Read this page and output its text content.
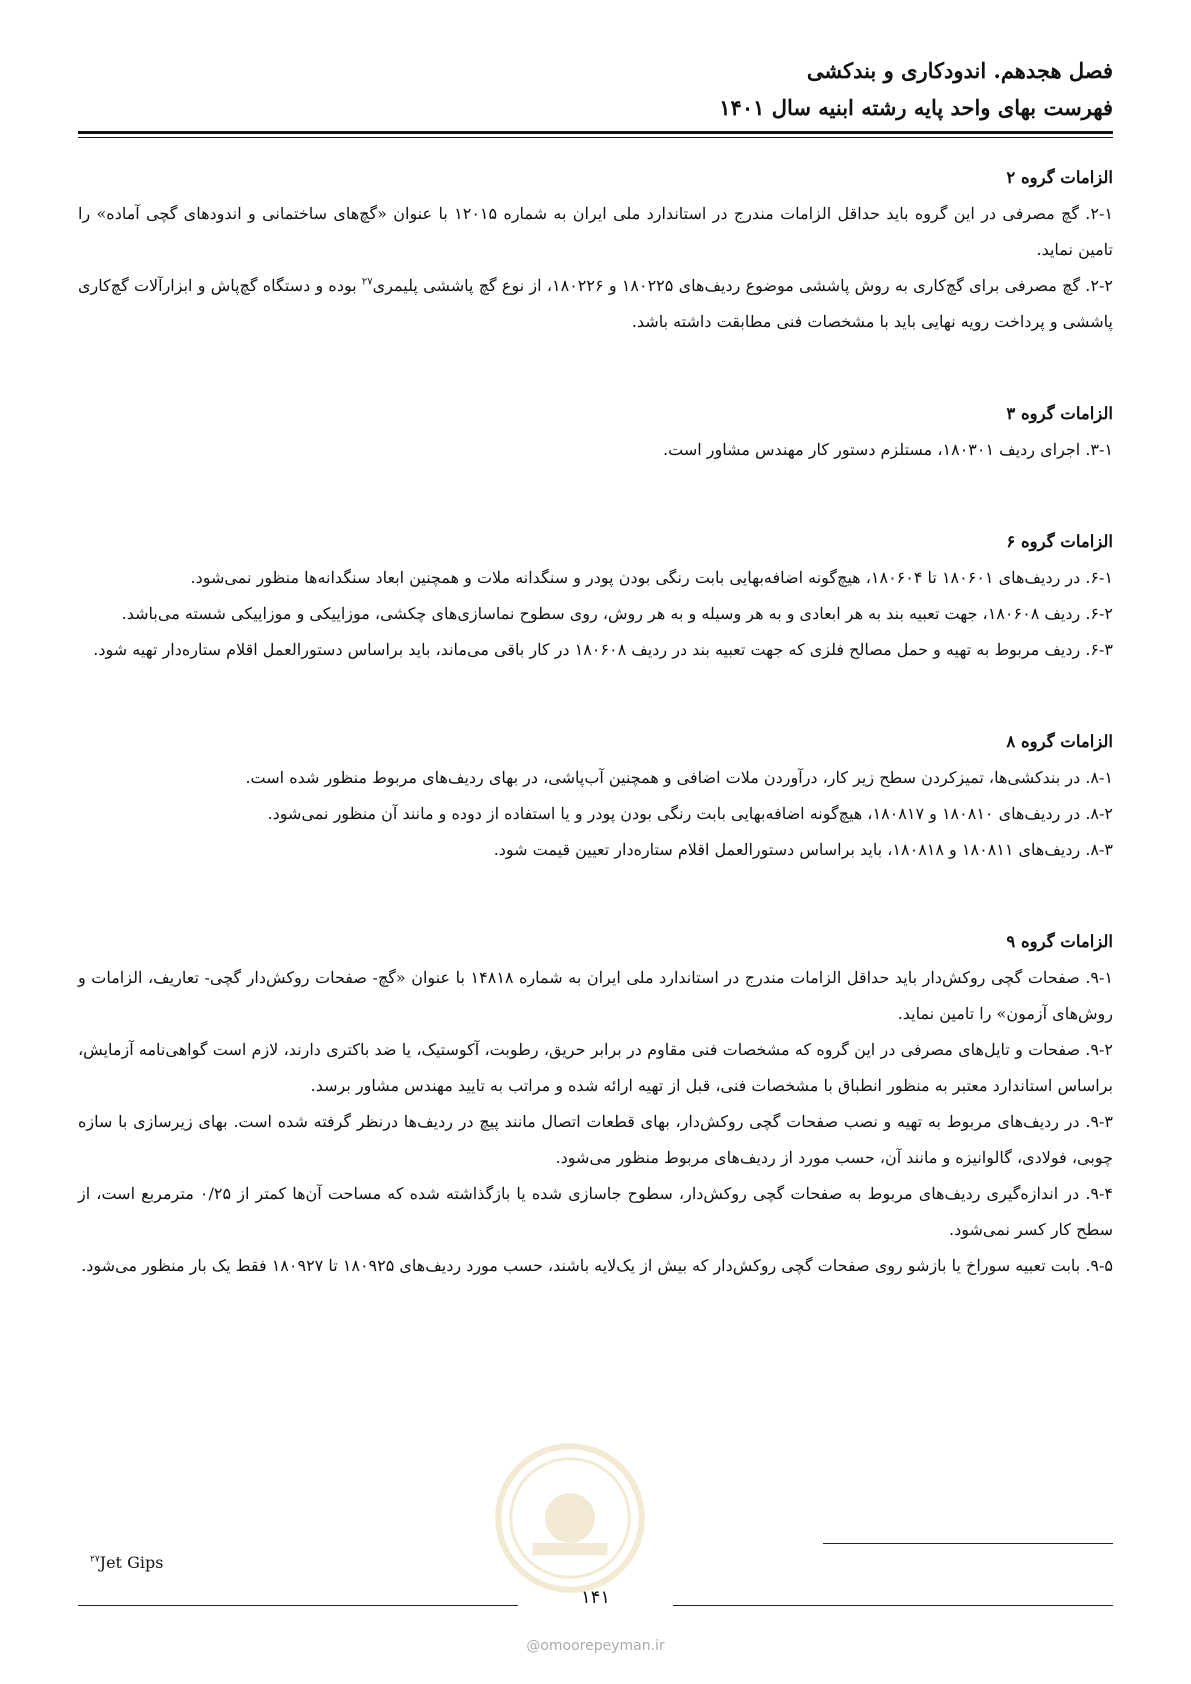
فصل هجدهم. اندودکاری و بندکشی
فهرست بهای واحد پایه رشته ابنیه سال ۱۴۰۱

الزامات گروه ۲

۲-۱. گچ مصرفی در این گروه باید حداقل الزامات مندرج در استاندارد ملی ایران به شماره ۱۲۰۱۵ با عنوان «گچ‌های ساختمانی و اندودهای گچی آماده» را تامین نماید.

۲-۲. گچ مصرفی برای گچ‌کاری به روش پاششی موضوع ردیف‌های ۱۸۰۲۲۵ و ۱۸۰۲۲۶، از نوع گچ پاششی پلیمری$^{۲۷}$ بوده و دستگاه گچ‌پاش و ابزارآلات گچ‌کاری پاششی و پرداخت رویه نهایی باید با مشخصات فنی مطابقت داشته باشد.

الزامات گروه ۳

۳-۱. اجرای ردیف ۱۸۰۳۰۱، مستلزم دستور کار مهندس مشاور است.

الزامات گروه ۶

۶-۱. در ردیف‌های ۱۸۰۶۰۱ تا ۱۸۰۶۰۴، هیچ‌گونه اضافه‌بهایی بابت رنگی بودن پودر و سنگدانه ملات و همچنین ابعاد سنگدانه‌ها منظور نمی‌شود.

۶-۲. ردیف ۱۸۰۶۰۸، جهت تعبیه بند به هر ابعادی و به هر وسیله و به هر روش، روی سطوح نماسازی‌های چکشی، موزاییکی و موزاییکی شسته می‌باشد.

۶-۳. ردیف مربوط به تهیه و حمل مصالح فلزی که جهت تعبیه بند در ردیف ۱۸۰۶۰۸ در کار باقی می‌ماند، باید براساس دستورالعمل اقلام ستاره‌دار تهیه شود.

الزامات گروه ۸

۸-۱. در بندکشی‌ها، تمیزکردن سطح زیر کار، درآوردن ملات اضافی و همچنین آب‌پاشی، در بهای ردیف‌های مربوط منظور شده است.

۸-۲. در ردیف‌های ۱۸۰۸۱۰ و ۱۸۰۸۱۷، هیچ‌گونه اضافه‌بهایی بابت رنگی بودن پودر و یا استفاده از دوده و مانند آن منظور نمی‌شود.

۸-۳. ردیف‌های ۱۸۰۸۱۱ و ۱۸۰۸۱۸، باید براساس دستورالعمل اقلام ستاره‌دار تعیین قیمت شود.

الزامات گروه ۹

۹-۱. صفحات گچی روکش‌دار باید حداقل الزامات مندرج در استاندارد ملی ایران به شماره ۱۴۸۱۸ با عنوان «گچ- صفحات روکش‌دار گچی- تعاریف، الزامات و روش‌های آزمون» را تامین نماید.

۹-۲. صفحات و تایل‌های مصرفی در این گروه که مشخصات فنی مقاوم در برابر حریق، رطوبت، آکوستیک، یا ضد باکتری دارند، لازم است گواهی‌نامه آزمایش، براساس استاندارد معتبر به منظور انطباق با مشخصات فنی، قبل از تهیه ارائه شده و مراتب به تایید مهندس مشاور برسد.

۹-۳. در ردیف‌های مربوط به تهیه و نصب صفحات گچی روکش‌دار، بهای قطعات اتصال مانند پیچ در ردیف‌ها درنظر گرفته شده است. بهای زیرسازی با سازه چوبی، فولادی، گالوانیزه و مانند آن، حسب مورد از ردیف‌های مربوط منظور می‌شود.

۹-۴. در اندازه‌گیری ردیف‌های مربوط به صفحات گچی روکش‌دار، سطوح جاسازی شده یا بازگذاشته شده که مساحت آن‌ها کمتر از ۰/۲۵ مترمربع است، از سطح کار کسر نمی‌شود.

۹-۵. بابت تعبیه سوراخ یا بازشو روی صفحات گچی روکش‌دار که بیش از یک‌لایه باشند، حسب مورد ردیف‌های ۱۸۰۹۲۵ تا ۱۸۰۹۲۷ فقط یک بار منظور می‌شود.

$^{۲۷}$Jet Gips
۱۴۱
@omoorepeyman.ir
